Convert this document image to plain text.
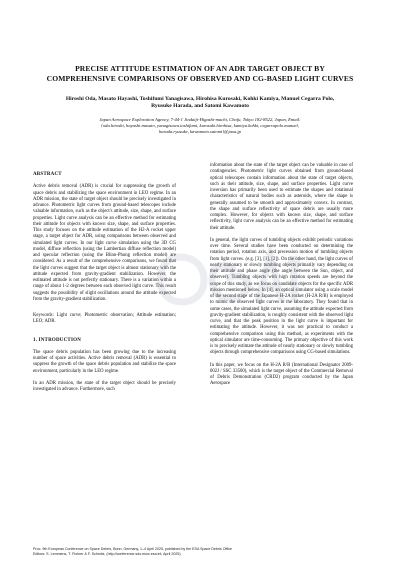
PRECISE ATTITUDE ESTIMATION OF AN ADR TARGET OBJECT BY
COMPREHENSIVE COMPARISONS OF OBSERVED AND CG-BASED LIGHT CURVES
Hiroshi Oda, Masato Hayashi, Toshifumi Yanagisawa, Hirohisa Kurosaki, Kohki Kamiya, Manuel Cegarra Polo,
Ryusuke Harada, and Satomi Kawamoto
Japan Aerospace Exploration Agency, 7-44-1 Jindaiji-Higashi-machi, Chofu, Tokyo 182-8522, Japan, Email:
{oda.hiroshi, hayashi.masato, yanagisawa.toshifumi, kurosaki.hirohisa, kamiya.kohki, cegarrapolo.manuel,
harada.ryusuke, kawamoto.satomi}@jaxa.jp
ABSTRACT

Active debris removal (ADR) is crucial for suppressing the growth of space debris and stabilizing the space environment in LEO regime. In an ADR mission, the state of target object should be precisely investigated in advance. Photometric light curves from ground-based telescopes include valuable information, such as the object's attitude, size, shape, and surface properties. Light curve analysis can be an effective method for estimating their attitude for objects with known size, shape, and surface properties. This study focuses on the attitude estimation of the H2-A rocket upper stage, a target object for ADR, using comparisons between observed and simulated light curves. In our light curve simulation using the 3D CG model, diffuse reflection (using the Lambertian diffuse reflection model) and specular reflection (using the Blinn-Phong reflection model) are considered. As a result of the comprehensive comparisons, we found that the light curves suggest that the target object is almost stationary with the attitude expected from gravity-gradient stabilization. However, the estimated attitude is not perfectly stationary. There is a variation within a range of about 1-2 degrees between each observed light curve. This result suggests the possibility of slight oscillations around the attitude expected from the gravity-gradient stabilization.

Keywords: Light curve; Photometric observation; Attitude estimation; LEO; ADR.

1. INTRODUCTION

The space debris population has been growing due to the increasing number of space activities. Active debris removal (ADR) is essential to suppress the growth of the space debris population and stabilize the space environment, particularly in the LEO regime.

In an ADR mission, the state of the target object should be precisely investigated in advance. Furthermore, such

information about the state of the target object can be valuable in case of contingencies. Photometric light curves obtained from ground-based optical telescopes contain information about the state of target objects, such as their attitude, size, shape, and surface properties. Light curve inversion has primarily been used to estimate the shapes and rotational characteristics of natural bodies such as asteroids, where the shape is generally assumed to be smooth and approximately convex. In contrast, the shape and surface reflectivity of space debris are usually more complex. However, for objects with known size, shape, and surface reflectivity, light curve analysis can be an effective method for estimating their attitude.

In general, the light curves of tumbling objects exhibit periodic variations over time. Several studies have been conducted on determining the rotation period, rotation axis, and precession motion of tumbling objects from light curves. (e.g. [3], [1], [2]). On the other hand, the light curves of nearly stationary or slowly tumbling objects primarily vary depending on their attitude and phase angle (the angle between the Sun, object, and observer). Tumbling objects with high rotation speeds are beyond the scope of this study, as we focus on candidate objects for the specific ADR mission mentioned below. In [4], an optical simulator using a scale model of the second stage of the Japanese H-2A rocket (H-2A R/B) is employed to mimic the observed light curves in the laboratory. They found that in some cases, the simulated light curve, assuming the attitude expected from gravity-gradient stabilization, is roughly consistent with the observed light curve, and that the peak position in the light curve is important for estimating the attitude. However, it was not practical to conduct a comprehensive comparison using this method, as experiments with the optical simulator are time-consuming. The primary objective of this work is to precisely estimate the attitude of nearly stationary or slowly tumbling objects through comprehensive comparisons using CG-based simulations.

In this paper, we focus on the H-2A R/B (International Designator 2009-002J / SSC 33500), which is the target object of the Commercial Removal of Debris Demonstration (CRD2) program conducted by the Japan Aerospace

Proc. 9th European Conference on Space Debris, Bonn, Germany, 1–4 April 2025, published by the ESA Space Debris Office
Editors: S. Lemmens, T. Flohrer & F. Schmitz, (http://conference.sdo.esoc.esa.int, April 2025)
